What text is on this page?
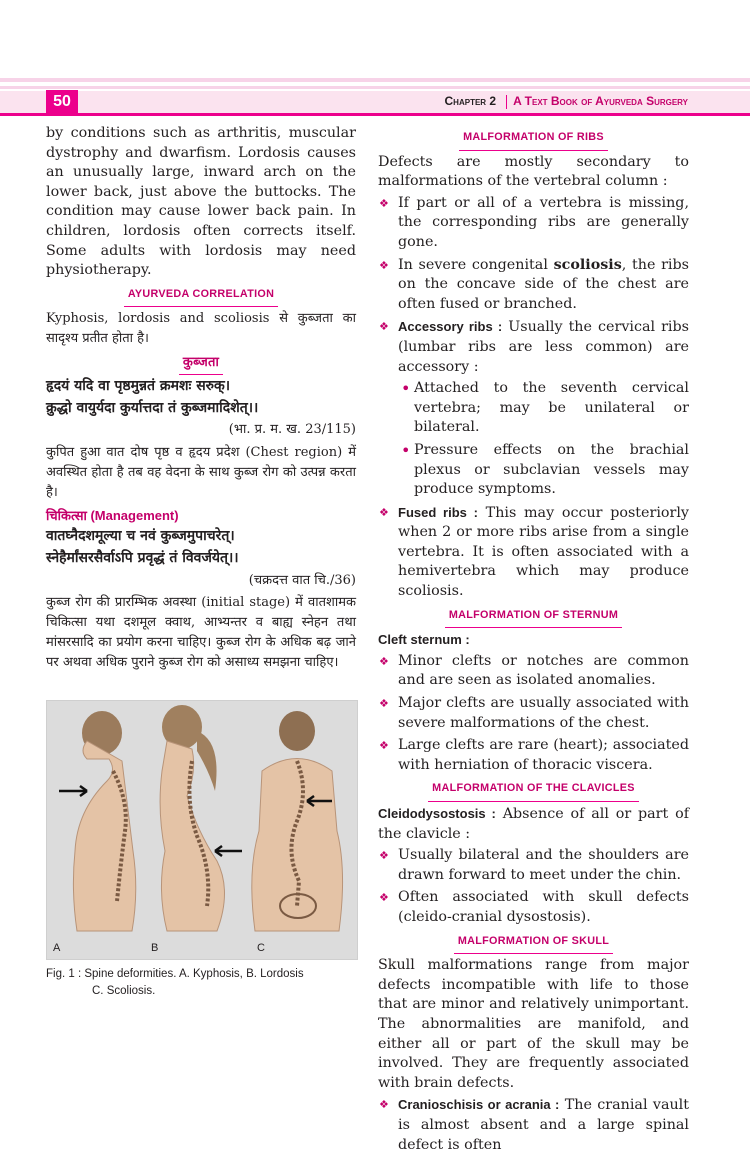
50	Chapter 2 A Text Book of Ayurveda Surgery

by conditions such as arthritis, muscular dystrophy and dwarfism. Lordosis causes an unusually large, inward arch on the lower back, just above the buttocks. The condition may cause lower back pain. In children, lordosis often corrects itself. Some adults with lordosis may need physiotherapy.

AYURVEDA CORRELATION

Kyphosis, lordosis and scoliosis से कुब्जता का सादृश्य प्रतीत होता है।

कुब्जता
हृदयं यदि वा पृष्ठमुन्नतं क्रमशः सरुक्।
क्रुद्धो वायुर्यदा कुर्यात्तदा तं कुब्जमादिशेत्।।
(भा. प्र. म. ख. 23/115)

कुपित हुआ वात दोष पृष्ठ व हृदय प्रदेश (Chest region) में अवस्थित होता है तब वह वेदना के साथ कुब्ज रोग को उत्पन्न करता है।

चिकित्सा (Management)
वातघ्नैदशमूल्या च नवं कुब्जमुपाचरेत्।
स्नेहैर्मांसरसैर्वाऽपि प्रवृद्धं तं विवर्जयेत्।।
(चक्रदत्त वात चि./36)

कुब्ज रोग की प्रारम्भिक अवस्था (initial stage) में वातशामक चिकित्सा यथा दशमूल क्वाथ, आभ्यन्तर व बाह्य स्नेहन तथा मांसरसादि का प्रयोग करना चाहिए। कुब्ज रोग के अधिक बढ़ जाने पर अथवा अधिक पुराने कुब्ज रोग को असाध्य समझना चाहिए।

A	B	C
Fig. 1 : Spine deformities. A. Kyphosis, B. Lordosis
C. Scoliosis.
MALFORMATION OF RIBS

Defects are mostly secondary to malformations of the vertebral column :

❖ If part or all of a vertebra is missing, the corresponding ribs are generally gone.
❖ In severe congenital scoliosis, the ribs on the concave side of the chest are often fused or branched.
❖ Accessory ribs : Usually the cervical ribs (lumbar ribs are less common) are accessory :
• Attached to the seventh cervical vertebra; may be unilateral or bilateral.
• Pressure effects on the brachial plexus or subclavian vessels may produce symptoms.
❖ Fused ribs : This may occur posteriorly when 2 or more ribs arise from a single vertebra. It is often associated with a hemivertebra which may produce scoliosis.
MALFORMATION OF STERNUM
Cleft sternum :
❖ Minor clefts or notches are common and are seen as isolated anomalies.
❖ Major clefts are usually associated with severe malformations of the chest.
❖ Large clefts are rare (heart); associated with herniation of thoracic viscera.
MALFORMATION OF THE CLAVICLES

Cleidodysostosis : Absence of all or part of the clavicle :

❖ Usually bilateral and the shoulders are drawn forward to meet under the chin.
❖ Often associated with skull defects (cleido-cranial dysostosis).
MALFORMATION OF SKULL

Skull malformations range from major defects incompatible with life to those that are minor and relatively unimportant. The abnormalities are manifold, and either all or part of the skull may be involved. They are frequently associated with brain defects.

❖ Cranioschisis or acrania : The cranial vault is almost absent and a large spinal defect is often
